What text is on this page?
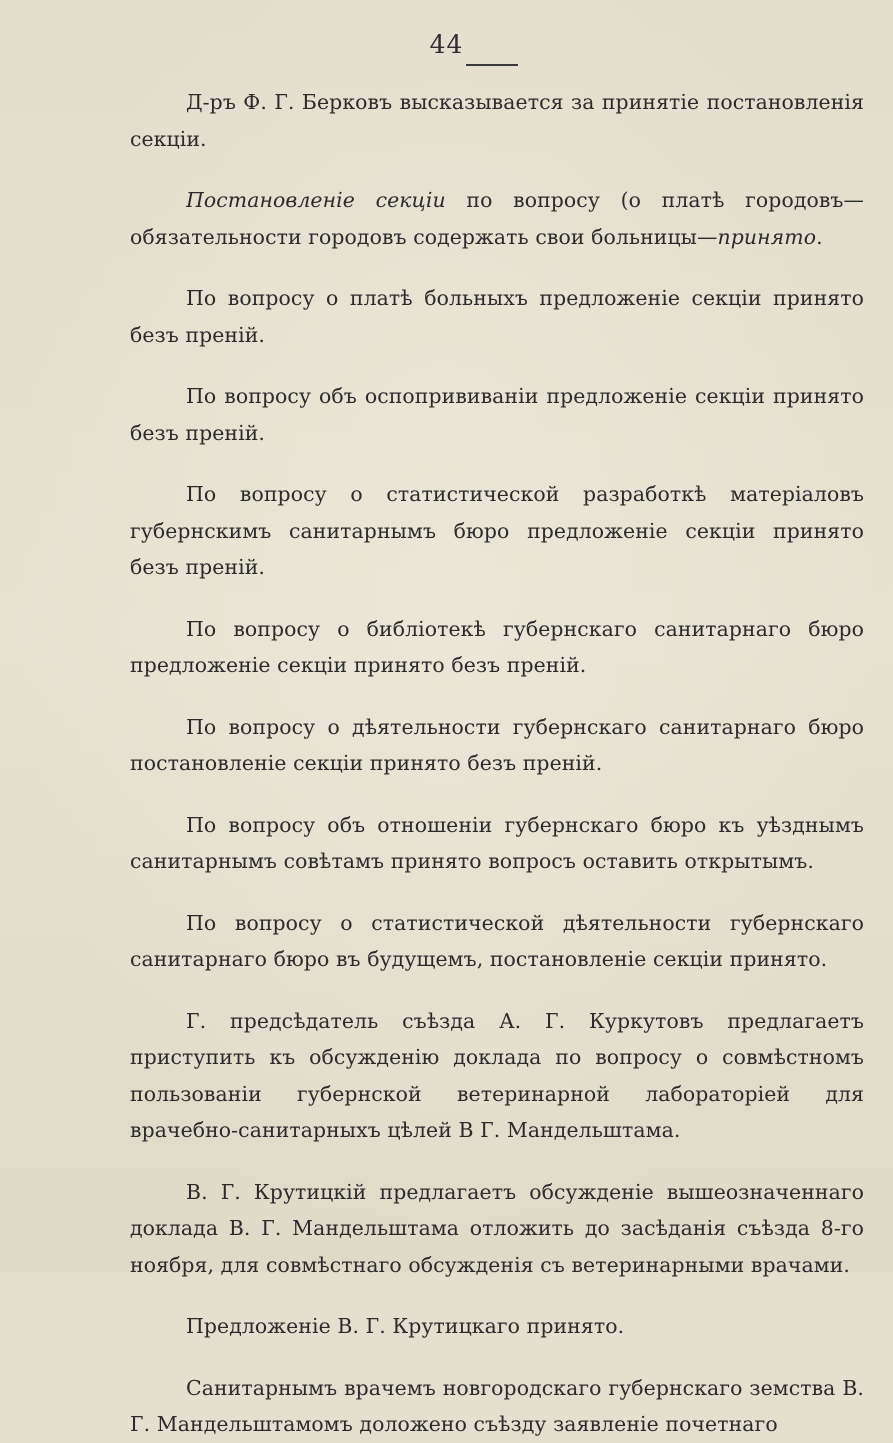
44

Д-ръ Ф. Г. Берковъ высказывается за принятіе постановленія секціи.

Постановленіе секціи по вопросу (о платѣ городовъ— обязательности городовъ содержать свои больницы—принято.

По вопросу о платѣ больныхъ предложеніе секціи принято безъ преній.

По вопросу объ оспопрививаніи предложеніе секціи принято безъ преній.

По вопросу о статистической разработкѣ матеріаловъ губернскимъ санитарнымъ бюро предложеніе секціи принято безъ преній.

По вопросу о библіотекѣ губернскаго санитарнаго бюро предложеніе секціи принято безъ преній.

По вопросу о дѣятельности губернскаго санитарнаго бюро постановленіе секціи принято безъ преній.

По вопросу объ отношеніи губернскаго бюро къ уѣзднымъ санитарнымъ совѣтамъ принято вопросъ оставить открытымъ.

По вопросу о статистической дѣятельности губернскаго санитарнаго бюро въ будущемъ, постановленіе секціи принято.

Г. предсѣдатель съѣзда А. Г. Куркутовъ предлагаетъ приступить къ обсужденію доклада по вопросу о совмѣстномъ пользованіи губернской ветеринарной лабораторіей для врачебно-санитарныхъ цѣлей В Г. Мандельштама.

В. Г. Крутицкій предлагаетъ обсужденіе вышеозначеннаго доклада В. Г. Мандельштама отложить до засѣданія съѣзда 8-го ноября, для совмѣстнаго обсужденія съ ветеринарными врачами.

Предложеніе В. Г. Крутицкаго принято.

Санитарнымъ врачемъ новгородскаго губернскаго земства В. Г. Мандельштамомъ доложено съѣзду заявленіе почетнаго
